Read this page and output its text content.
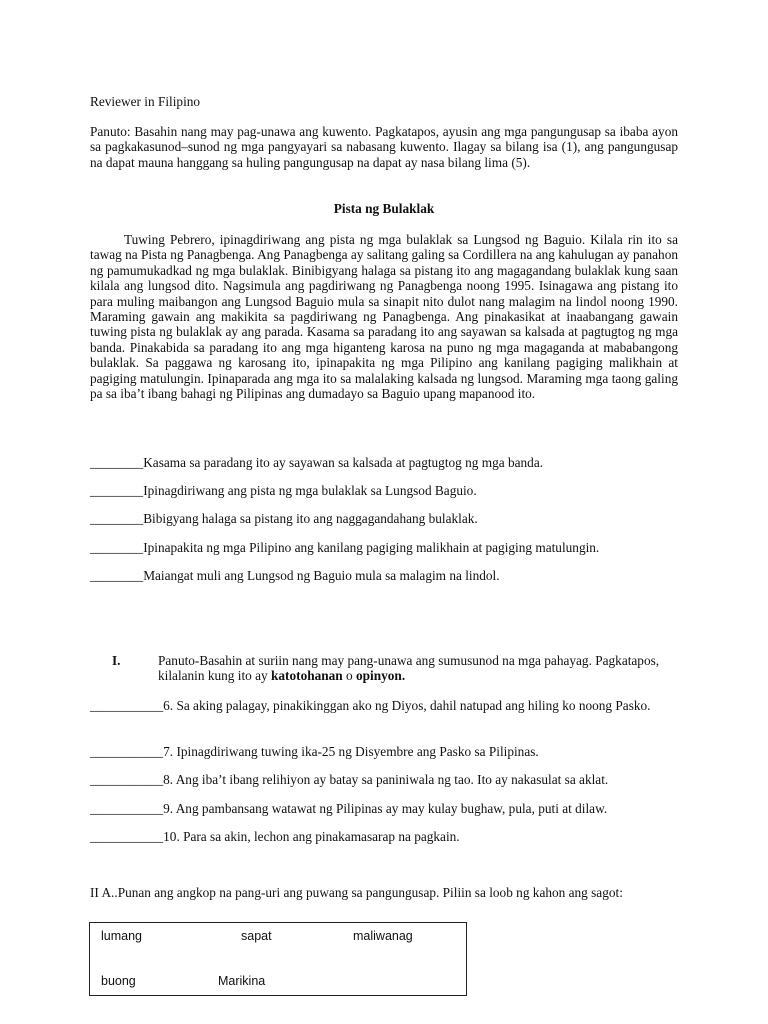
Reviewer in Filipino
Panuto: Basahin nang may pag-unawa ang kuwento. Pagkatapos, ayusin ang mga pangungusap sa ibaba ayon sa pagkakasunod–sunod ng mga pangyayari sa nabasang kuwento. Ilagay sa bilang isa (1), ang pangungusap na dapat mauna hanggang sa huling pangungusap na dapat ay nasa bilang lima (5).
Pista ng Bulaklak
Tuwing Pebrero, ipinagdiriwang ang pista ng mga bulaklak sa Lungsod ng Baguio. Kilala rin ito sa tawag na Pista ng Panagbenga. Ang Panagbenga ay salitang galing sa Cordillera na ang kahulugan ay panahon ng pamumukadkad ng mga bulaklak. Binibigyang halaga sa pistang ito ang magagandang bulaklak kung saan kilala ang lungsod dito. Nagsimula ang pagdiriwang ng Panagbenga noong 1995. Isinagawa ang pistang ito para muling maibangon ang Lungsod Baguio mula sa sinapit nito dulot nang malagim na lindol noong 1990. Maraming gawain ang makikita sa pagdiriwang ng Panagbenga. Ang pinakasikat at inaabangang gawain tuwing pista ng bulaklak ay ang parada. Kasama sa paradang ito ang sayawan sa kalsada at pagtugtog ng mga banda. Pinakabida sa paradang ito ang mga higanteng karosa na puno ng mga magaganda at mababangong bulaklak. Sa paggawa ng karosang ito, ipinapakita ng mga Pilipino ang kanilang pagiging malikhain at pagiging matulungin. Ipinaparada ang mga ito sa malalaking kalsada ng lungsod. Maraming mga taong galing pa sa iba’t ibang bahagi ng Pilipinas ang dumadayo sa Baguio upang mapanood ito.
________Kasama sa paradang ito ay sayawan sa kalsada at pagtugtog ng mga banda.
________Ipinagdiriwang ang pista ng mga bulaklak sa Lungsod Baguio.
________Bibigyang halaga sa pistang ito ang naggagandahang bulaklak.
________Ipinapakita ng mga Pilipino ang kanilang pagiging malikhain at pagiging matulungin.
________Maiangat muli ang Lungsod ng Baguio mula sa malagim na lindol.
I.	Panuto-Basahin at suriin nang may pang-unawa ang sumusunod na mga pahayag. Pagkatapos, kilalanin kung ito ay katotohanan o opinyon.
___________6. Sa aking palagay, pinakikinggan ako ng Diyos, dahil natupad ang hiling ko noong Pasko.
___________7. Ipinagdiriwang tuwing ika-25 ng Disyembre ang Pasko sa Pilipinas.
___________8. Ang iba’t ibang relihiyon ay batay sa paniniwala ng tao. Ito ay nakasulat sa aklat.
___________9. Ang pambansang watawat ng Pilipinas ay may kulay bughaw, pula, puti at dilaw.
___________10. Para sa akin, lechon ang pinakamasarap na pagkain.
II A..Punan ang angkop na pang-uri ang puwang sa pangungusap. Piliin sa loob ng kahon ang sagot:
lumang	sapat	maliwanag
buong	Marikina
